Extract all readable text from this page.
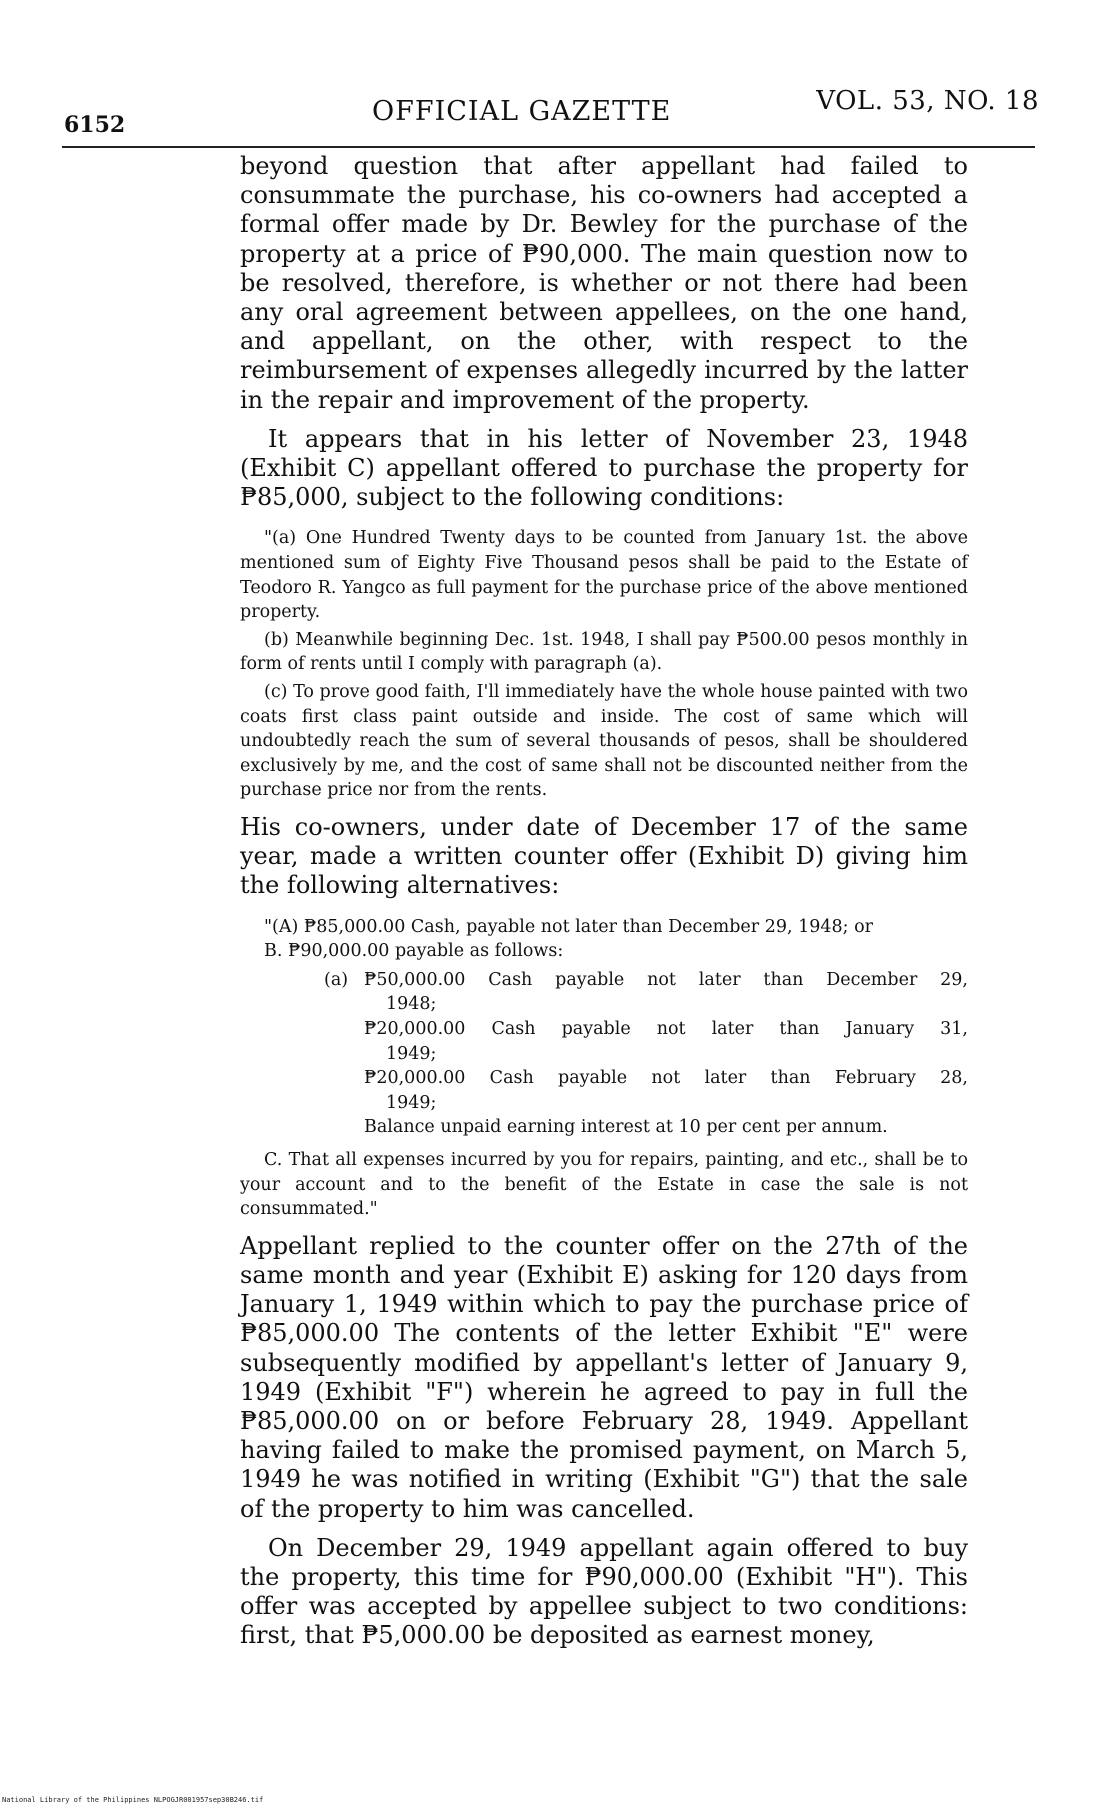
6152	OFFICIAL GAZETTE	VOL. 53, NO. 18

beyond question that after appellant had failed to consummate the purchase, his co-owners had accepted a formal offer made by Dr. Bewley for the purchase of the property at a price of ₱90,000. The main question now to be resolved, therefore, is whether or not there had been any oral agreement between appellees, on the one hand, and appellant, on the other, with respect to the reimbursement of expenses allegedly incurred by the latter in the repair and improvement of the property.

It appears that in his letter of November 23, 1948 (Exhibit C) appellant offered to purchase the property for ₱85,000, subject to the following conditions:

"(a) One Hundred Twenty days to be counted from January 1st. the above mentioned sum of Eighty Five Thousand pesos shall be paid to the Estate of Teodoro R. Yangco as full payment for the purchase price of the above mentioned property.

(b) Meanwhile beginning Dec. 1st. 1948, I shall pay ₱500.00 pesos monthly in form of rents until I comply with paragraph (a).

(c) To prove good faith, I'll immediately have the whole house painted with two coats first class paint outside and inside. The cost of same which will undoubtedly reach the sum of several thousands of pesos, shall be shouldered exclusively by me, and the cost of same shall not be discounted neither from the purchase price nor from the rents.

His co-owners, under date of December 17 of the same year, made a written counter offer (Exhibit D) giving him the following alternatives:

"(A) ₱85,000.00 Cash, payable not later than December 29, 1948; or
B. ₱90,000.00 payable as follows:
(a) ₱50,000.00 Cash payable not later than December 29,
1948;
₱20,000.00 Cash payable not later than January 31,
1949;
₱20,000.00 Cash payable not later than February 28,
1949;
Balance unpaid earning interest at 10 per cent per annum.

C. That all expenses incurred by you for repairs, painting, and etc., shall be to your account and to the benefit of the Estate in case the sale is not consummated."

Appellant replied to the counter offer on the 27th of the same month and year (Exhibit E) asking for 120 days from January 1, 1949 within which to pay the purchase price of ₱85,000.00 The contents of the letter Exhibit "E" were subsequently modified by appellant's letter of January 9, 1949 (Exhibit "F") wherein he agreed to pay in full the ₱85,000.00 on or before February 28, 1949. Appellant having failed to make the promised payment, on March 5, 1949 he was notified in writing (Exhibit "G") that the sale of the property to him was cancelled.

On December 29, 1949 appellant again offered to buy the property, this time for ₱90,000.00 (Exhibit "H"). This offer was accepted by appellee subject to two conditions: first, that ₱5,000.00 be deposited as earnest money,

National Library of the Philippines NLPOGJR001957sep30B246.tif
